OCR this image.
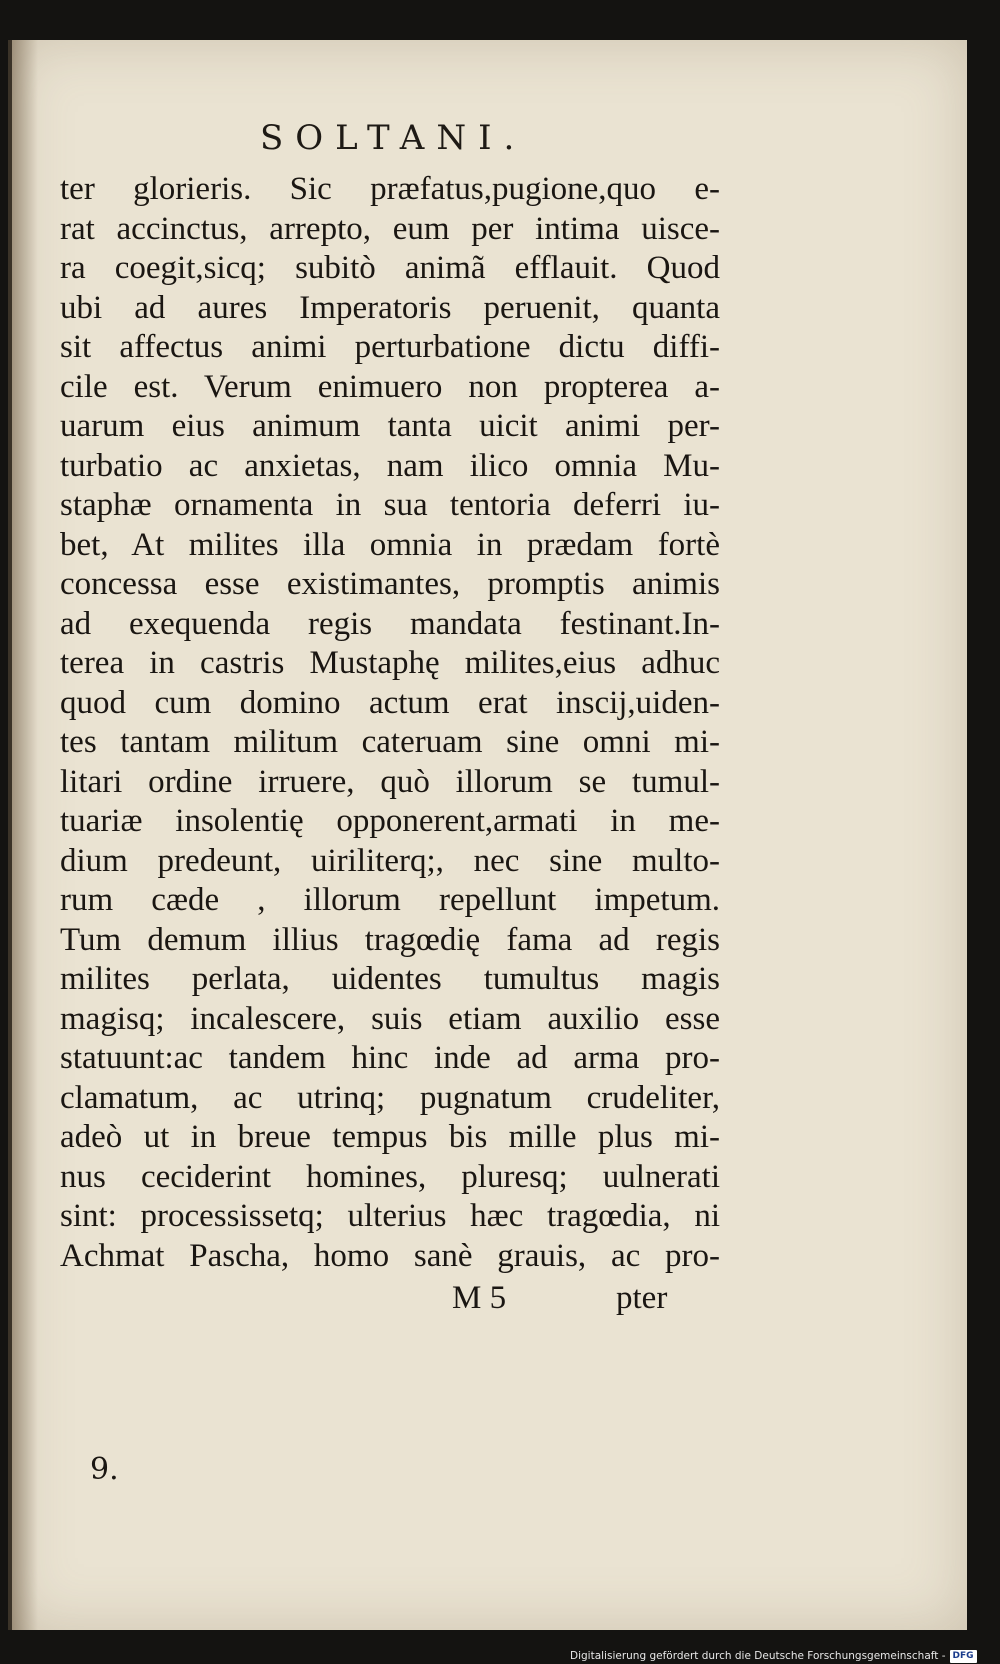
SOLTANI.
ter glorieris. Sic præfatus,pugione,quo e-
rat accinctus, arrepto, eum per intima uisce-
ra coegit,sicq; subitò animã efflauit. Quod
ubi ad aures Imperatoris peruenit, quanta
sit affectus animi perturbatione dictu diffi-
cile est. Verum enimuero non propterea a-
uarum eius animum tanta uicit animi per-
turbatio ac anxietas, nam ilico omnia Mu-
staphæ ornamenta in sua tentoria deferri iu-
bet, At milites illa omnia in prædam fortè
concessa esse existimantes, promptis animis
ad exequenda regis mandata festinant.In-
terea in castris Mustaphę milites,eius adhuc
quod cum domino actum erat inscij,uiden-
tes tantam militum cateruam sine omni mi-
litari ordine irruere, quò illorum se tumul-
tuariæ insolentię opponerent,armati in me-
dium predeunt, uiriliterq;, nec sine multo-
rum cæde , illorum repellunt impetum.
Tum demum illius tragœdię fama ad regis
milites perlata, uidentes tumultus magis
magisq; incalescere, suis etiam auxilio esse
statuunt:ac tandem hinc inde ad arma pro-
clamatum, ac utrinq; pugnatum crudeliter,
adeò ut in breue tempus bis mille plus mi-
nus ceciderint homines, pluresq; uulnerati
sint: processissetq; ulterius hæc tragœdia, ni
Achmat Pascha, homo sanè grauis, ac pro-
M 5	pter
9.
Digitalisierung gefördert durch die Deutsche Forschungsgemeinschaft - DFG
